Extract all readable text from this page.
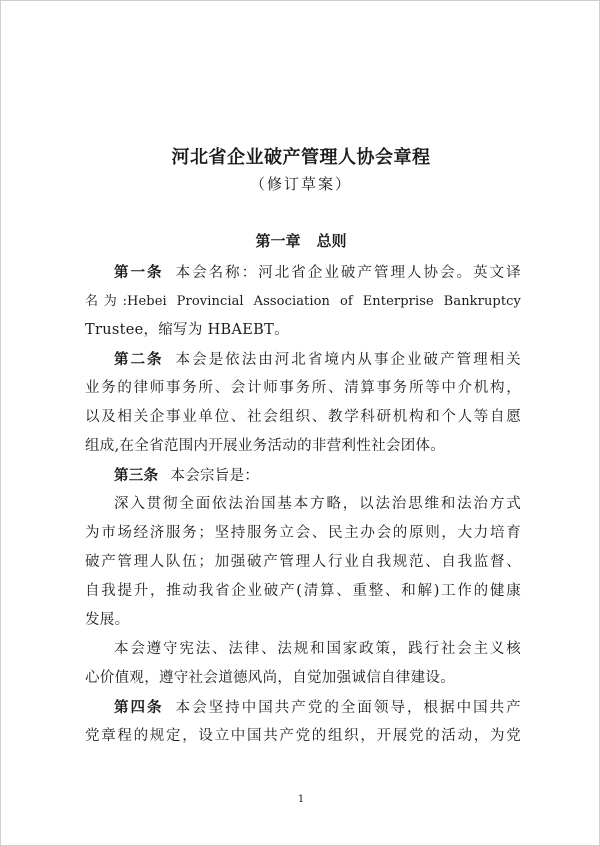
河北省企业破产管理人协会章程
（修订草案）
第一章 总则
第一条 本会名称：河北省企业破产管理人协会。英文译
名为:Hebei Provincial Association of Enterprise Bankruptcy
Trustee，缩写为 HBAEBT。
第二条 本会是依法由河北省境内从事企业破产管理相关
业务的律师事务所、会计师事务所、清算事务所等中介机构，
以及相关企事业单位、社会组织、教学科研机构和个人等自愿
组成,在全省范围内开展业务活动的非营利性社会团体。
第三条 本会宗旨是：
深入贯彻全面依法治国基本方略，以法治思维和法治方式
为市场经济服务；坚持服务立会、民主办会的原则，大力培育
破产管理人队伍；加强破产管理人行业自我规范、自我监督、
自我提升，推动我省企业破产(清算、重整、和解)工作的健康
发展。
本会遵守宪法、法律、法规和国家政策，践行社会主义核
心价值观，遵守社会道德风尚，自觉加强诚信自律建设。
第四条 本会坚持中国共产党的全面领导，根据中国共产
党章程的规定，设立中国共产党的组织，开展党的活动，为党
1
